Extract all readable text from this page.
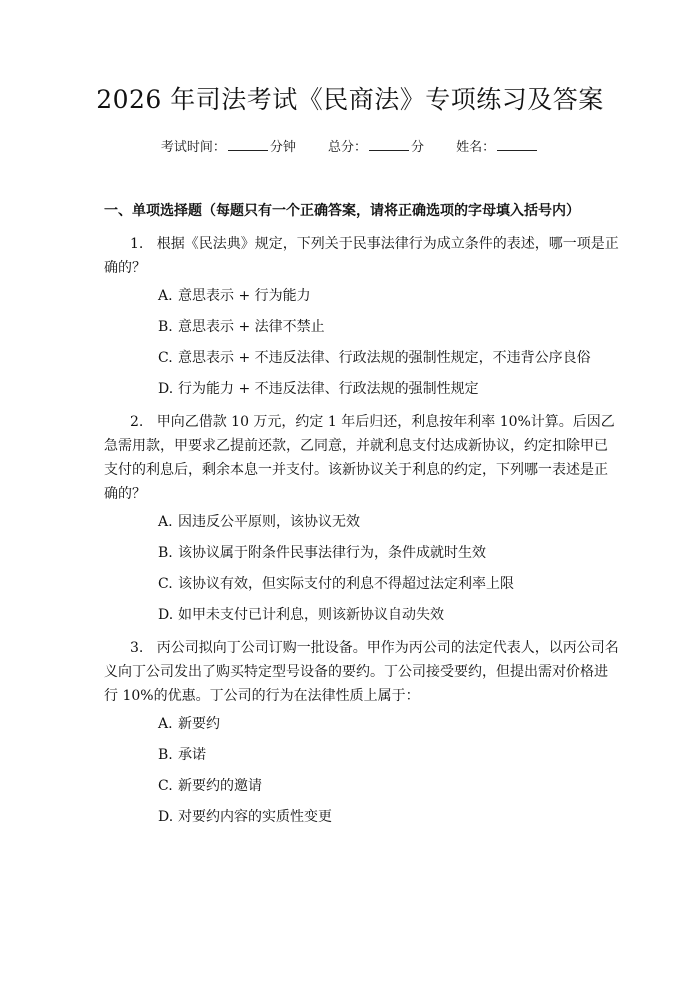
2026 年司法考试《民商法》专项练习及答案
考试时间：	分钟 总分：	分 姓名：
一、单项选择题（每题只有一个正确答案，请将正确选项的字母填入括号内）

1. 根据《民法典》规定，下列关于民事法律行为成立条件的表述，哪一项是正确的？

A. 意思表示 + 行为能力
B. 意思表示 + 法律不禁止
C. 意思表示 + 不违反法律、行政法规的强制性规定，不违背公序良俗
D. 行为能力 + 不违反法律、行政法规的强制性规定

2. 甲向乙借款 10 万元，约定 1 年后归还，利息按年利率 10%计算。后因乙急需用款，甲要求乙提前还款，乙同意，并就利息支付达成新协议，约定扣除甲已支付的利息后，剩余本息一并支付。该新协议关于利息的约定，下列哪一表述是正确的？

A. 因违反公平原则，该协议无效
B. 该协议属于附条件民事法律行为，条件成就时生效
C. 该协议有效，但实际支付的利息不得超过法定利率上限
D. 如甲未支付已计利息，则该新协议自动失效

3. 丙公司拟向丁公司订购一批设备。甲作为丙公司的法定代表人，以丙公司名义向丁公司发出了购买特定型号设备的要约。丁公司接受要约，但提出需对价格进行 10%的优惠。丁公司的行为在法律性质上属于：

A. 新要约
B. 承诺
C. 新要约的邀请
D. 对要约内容的实质性变更
